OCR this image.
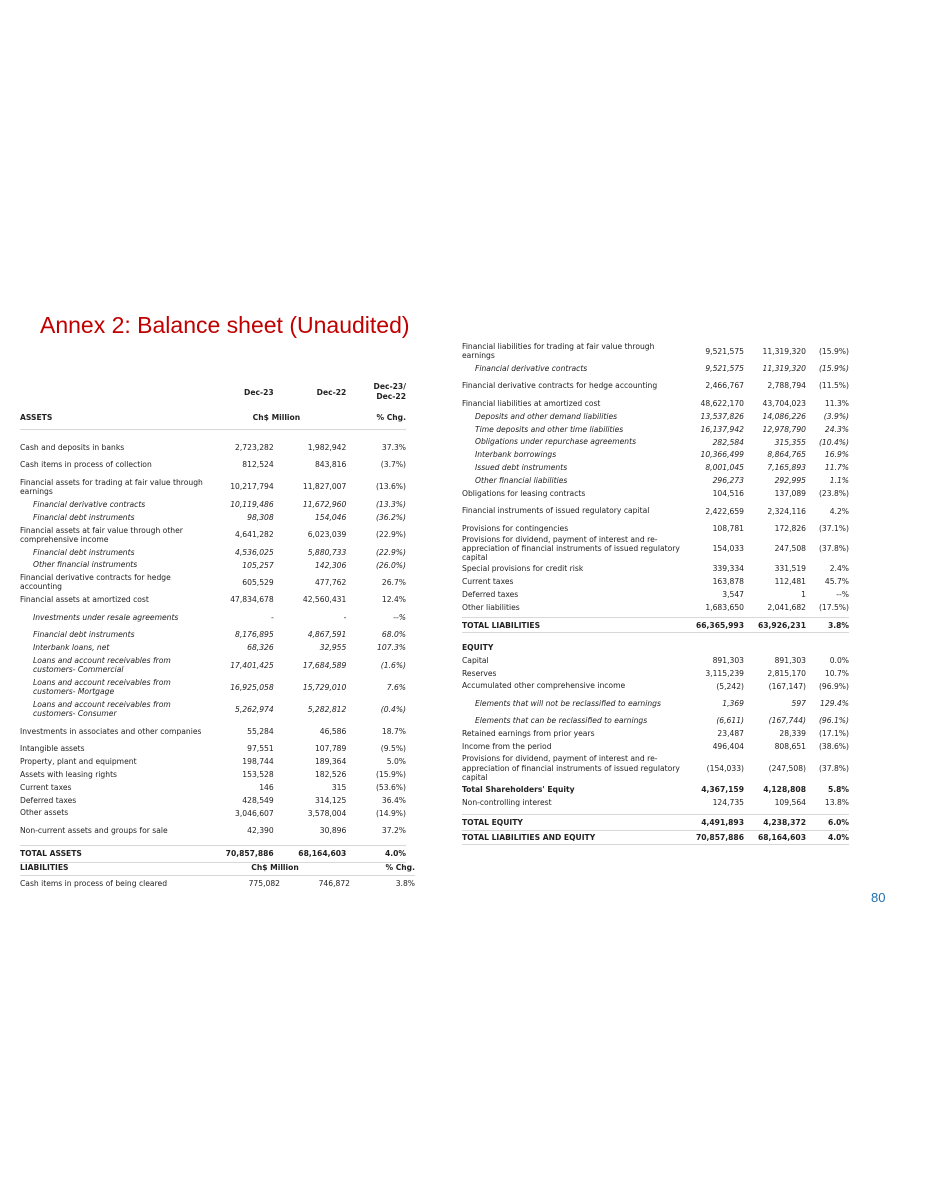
Annex 2: Balance sheet (Unaudited)
	Dec-23	Dec-22	Dec-23/
Dec-22
ASSETS	Ch$ Million		% Chg.

Cash and deposits in banks	2,723,282	1,982,942	37.3%
Cash items in process of collection	812,524	843,816	(3.7%)
Financial assets for trading at fair value through earnings	10,217,794	11,827,007	(13.6%)
Financial derivative contracts	10,119,486	11,672,960	(13.3%)
Financial debt instruments	98,308	154,046	(36.2%)
Financial assets at fair value through other comprehensive income	4,641,282	6,023,039	(22.9%)
Financial debt instruments	4,536,025	5,880,733	(22.9%)
Other financial instruments	105,257	142,306	(26.0%)
Financial derivative contracts for hedge accounting	605,529	477,762	26.7%
Financial assets at amortized cost	47,834,678	42,560,431	12.4%
Investments under resale agreements	-	-	--%
Financial debt instruments	8,176,895	4,867,591	68.0%
Interbank loans, net	68,326	32,955	107.3%
Loans and account receivables from customers- Commercial	17,401,425	17,684,589	(1.6%)
Loans and account receivables from customers- Mortgage	16,925,058	15,729,010	7.6%
Loans and account receivables from customers- Consumer	5,262,974	5,282,812	(0.4%)
Investments in associates and other companies	55,284	46,586	18.7%
Intangible assets	97,551	107,789	(9.5%)
Property, plant and equipment	198,744	189,364	5.0%
Assets with leasing rights	153,528	182,526	(15.9%)
Current taxes	146	315	(53.6%)
Deferred taxes	428,549	314,125	36.4%
Other assets	3,046,607	3,578,004	(14.9%)
Non-current assets and groups for sale	42,390	30,896	37.2%

TOTAL ASSETS	70,857,886	68,164,603	4.0%
LIABILITIES	Ch$ Million		% Chg.
Cash items in process of being cleared	775,082	746,872	3.8%
Financial liabilities for trading at fair value through earnings	9,521,575	11,319,320	(15.9%)
Financial derivative contracts	9,521,575	11,319,320	(15.9%)
Financial derivative contracts for hedge accounting	2,466,767	2,788,794	(11.5%)
Financial liabilities at amortized cost	48,622,170	43,704,023	11.3%
Deposits and other demand liabilities	13,537,826	14,086,226	(3.9%)
Time deposits and other time liabilities	16,137,942	12,978,790	24.3%
Obligations under repurchase agreements	282,584	315,355	(10.4%)
Interbank borrowings	10,366,499	8,864,765	16.9%
Issued debt instruments	8,001,045	7,165,893	11.7%
Other financial liabilities	296,273	292,995	1.1%
Obligations for leasing contracts	104,516	137,089	(23.8%)
Financial instruments of issued regulatory capital	2,422,659	2,324,116	4.2%
Provisions for contingencies	108,781	172,826	(37.1%)
Provisions for dividend, payment of interest and re-appreciation of financial instruments of issued regulatory capital	154,033	247,508	(37.8%)
Special provisions for credit risk	339,334	331,519	2.4%
Current taxes	163,878	112,481	45.7%
Deferred taxes	3,547	1	--%
Other liabilities	1,683,650	2,041,682	(17.5%)

TOTAL LIABILITIES	66,365,993	63,926,231	3.8%

EQUITY			
Capital	891,303	891,303	0.0%
Reserves	3,115,239	2,815,170	10.7%
Accumulated other comprehensive income	(5,242)	(167,147)	(96.9%)
Elements that will not be reclassified to earnings	1,369	597	129.4%
Elements that can be reclassified to earnings	(6,611)	(167,744)	(96.1%)
Retained earnings from prior years	23,487	28,339	(17.1%)
Income from the period	496,404	808,651	(38.6%)
Provisions for dividend, payment of interest and re-appreciation of financial instruments of issued regulatory capital	(154,033)	(247,508)	(37.8%)
Total Shareholders' Equity	4,367,159	4,128,808	5.8%
Non-controlling interest	124,735	109,564	13.8%

TOTAL EQUITY	4,491,893	4,238,372	6.0%
TOTAL LIABILITIES AND EQUITY	70,857,886	68,164,603	4.0%
80
